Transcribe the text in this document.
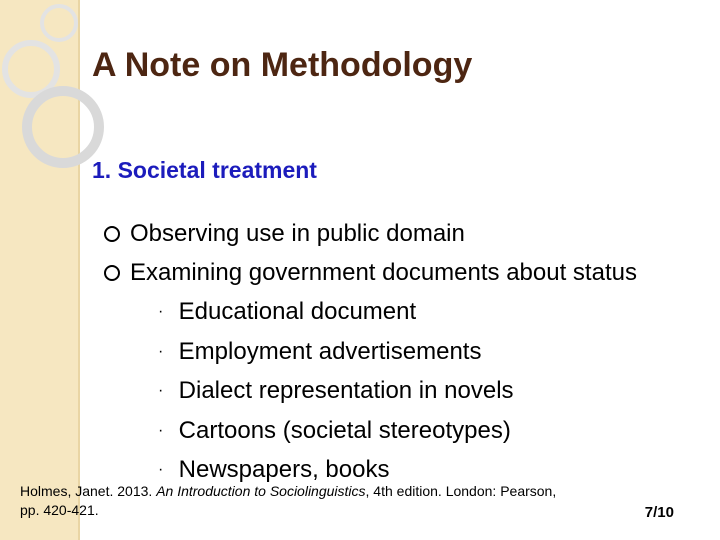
A Note on Methodology
1. Societal treatment
Observing use in public domain
Examining government documents about status
· Educational document
· Employment advertisements
· Dialect representation in novels
· Cartoons (societal stereotypes)
· Newspapers, books
Holmes, Janet. 2013. An Introduction to Sociolinguistics, 4th edition. London: Pearson,
pp. 420-421.	7/10
